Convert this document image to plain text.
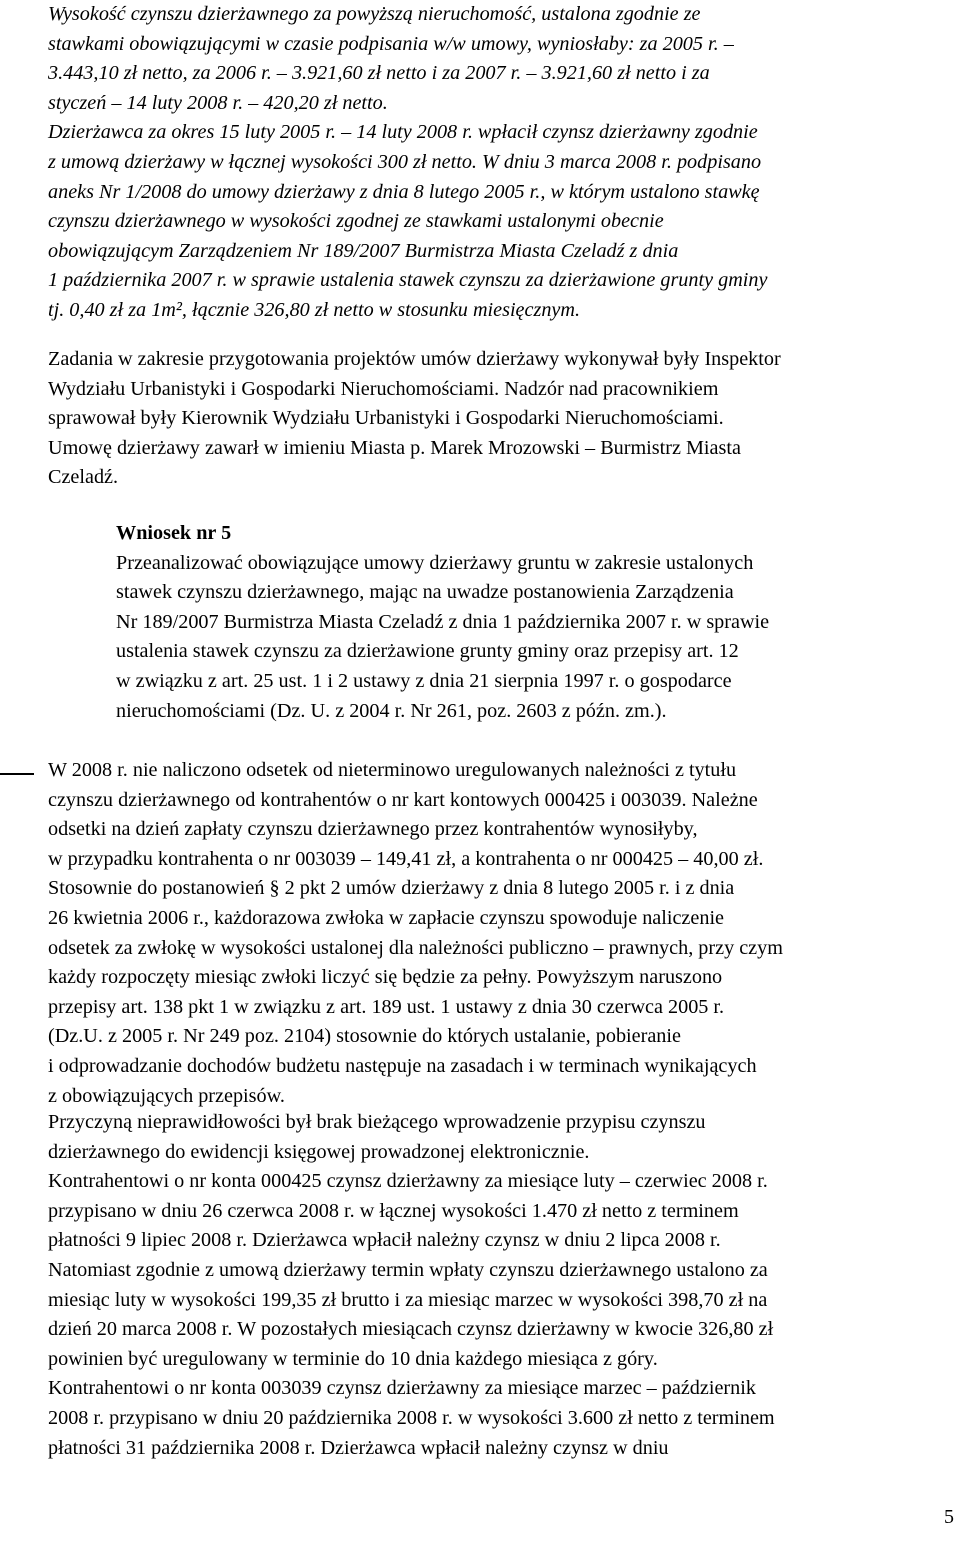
Wysokość czynszu dzierżawnego za powyższą nieruchomość, ustalona zgodnie ze
stawkami obowiązującymi w czasie podpisania w/w umowy, wyniosłaby: za 2005 r. –
3.443,10 zł netto, za 2006 r. – 3.921,60 zł netto i za 2007 r. – 3.921,60 zł netto i za
styczeń – 14 luty 2008 r. – 420,20 zł netto.
Dzierżawca za okres 15 luty 2005 r. – 14 luty 2008 r. wpłacił czynsz dzierżawny zgodnie
z umową dzierżawy w łącznej wysokości 300 zł netto. W dniu 3 marca 2008 r. podpisano
aneks Nr 1/2008 do umowy dzierżawy z dnia 8 lutego 2005 r., w którym ustalono stawkę
czynszu dzierżawnego w wysokości zgodnej ze stawkami ustalonymi obecnie
obowiązującym Zarządzeniem Nr 189/2007 Burmistrza Miasta Czeladź z dnia
1 października 2007 r. w sprawie ustalenia stawek czynszu za dzierżawione grunty gminy
tj. 0,40 zł za 1m², łącznie 326,80 zł netto w stosunku miesięcznym.

Zadania w zakresie przygotowania projektów umów dzierżawy wykonywał były Inspektor
Wydziału Urbanistyki i Gospodarki Nieruchomościami. Nadzór nad pracownikiem
sprawował były Kierownik Wydziału Urbanistyki i Gospodarki Nieruchomościami.
Umowę dzierżawy zawarł w imieniu Miasta p. Marek Mrozowski – Burmistrz Miasta
Czeladź.

Wniosek nr 5
Przeanalizować obowiązujące umowy dzierżawy gruntu w zakresie ustalonych
stawek czynszu dzierżawnego, mając na uwadze postanowienia Zarządzenia
Nr 189/2007 Burmistrza Miasta Czeladź z dnia 1 października 2007 r. w sprawie
ustalenia stawek czynszu za dzierżawione grunty gminy oraz przepisy art. 12
w związku z art. 25 ust. 1 i 2 ustawy z dnia 21 sierpnia 1997 r. o gospodarce
nieruchomościami (Dz. U. z 2004 r. Nr 261, poz. 2603 z późn. zm.).

W 2008 r. nie naliczono odsetek od nieterminowo uregulowanych należności z tytułu
czynszu dzierżawnego od kontrahentów o nr kart kontowych 000425 i 003039. Należne
odsetki na dzień zapłaty czynszu dzierżawnego przez kontrahentów wynosiłyby,
w przypadku kontrahenta o nr 003039 – 149,41 zł, a kontrahenta o nr 000425 – 40,00 zł.
Stosownie do postanowień § 2 pkt 2 umów dzierżawy z dnia 8 lutego 2005 r. i z dnia
26 kwietnia 2006 r., każdorazowa zwłoka w zapłacie czynszu spowoduje naliczenie
odsetek za zwłokę w wysokości ustalonej dla należności publiczno – prawnych, przy czym
każdy rozpoczęty miesiąc zwłoki liczyć się będzie za pełny. Powyższym naruszono
przepisy art. 138 pkt 1 w związku z art. 189 ust. 1 ustawy z dnia 30 czerwca 2005 r.
(Dz.U. z 2005 r. Nr 249 poz. 2104) stosownie do których ustalanie, pobieranie
i odprowadzanie dochodów budżetu następuje na zasadach i w terminach wynikających
z obowiązujących przepisów.

Przyczyną nieprawidłowości był brak bieżącego wprowadzenie przypisu czynszu
dzierżawnego do ewidencji księgowej prowadzonej elektronicznie.
Kontrahentowi o nr konta 000425 czynsz dzierżawny za miesiące luty – czerwiec 2008 r.
przypisano w dniu 26 czerwca 2008 r. w łącznej wysokości 1.470 zł netto z terminem
płatności 9 lipiec 2008 r. Dzierżawca wpłacił należny czynsz w dniu 2 lipca 2008 r.
Natomiast zgodnie z umową dzierżawy termin wpłaty czynszu dzierżawnego ustalono za
miesiąc luty w wysokości 199,35 zł brutto i za miesiąc marzec w wysokości 398,70 zł na
dzień 20 marca 2008 r. W pozostałych miesiącach czynsz dzierżawny w kwocie 326,80 zł
powinien być uregulowany w terminie do 10 dnia każdego miesiąca z góry.
Kontrahentowi o nr konta 003039 czynsz dzierżawny za miesiące marzec – październik
2008 r. przypisano w dniu 20 października 2008 r. w wysokości 3.600 zł netto z terminem
płatności 31 października 2008 r. Dzierżawca wpłacił należny czynsz w dniu

5
